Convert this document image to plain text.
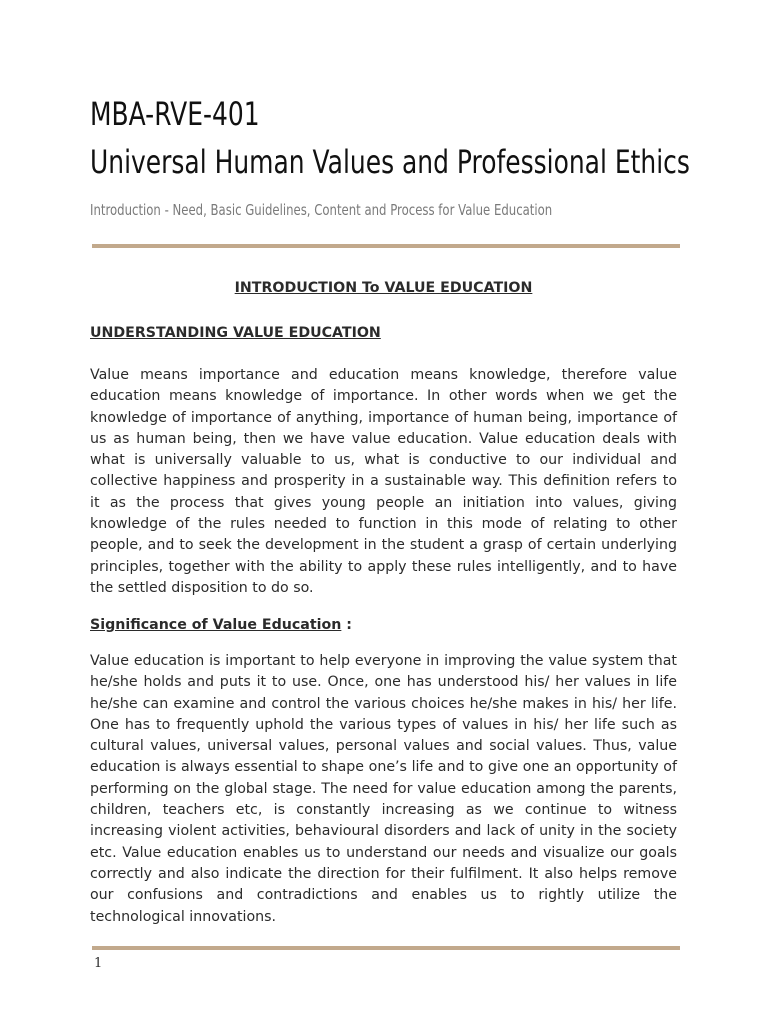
MBA-RVE-401
Universal Human Values and Professional Ethics

Introduction - Need, Basic Guidelines, Content and Process for Value Education

INTRODUCTION To VALUE EDUCATION
UNDERSTANDING VALUE EDUCATION

Value means importance and education means knowledge, therefore value education means knowledge of importance. In other words when we get the knowledge of importance of anything, importance of human being, importance of us as human being, then we have value education. Value education deals with what is universally valuable to us, what is conductive to our individual and collective happiness and prosperity in a sustainable way. This definition refers to it as the process that gives young people an initiation into values, giving knowledge of the rules needed to function in this mode of relating to other people, and to seek the development in the student a grasp of certain underlying principles, together with the ability to apply these rules intelligently, and to have the settled disposition to do so.

Significance of Value Education :

Value education is important to help everyone in improving the value system that he/she holds and puts it to use. Once, one has understood his/ her values in life he/she can examine and control the various choices he/she makes in his/ her life. One has to frequently uphold the various types of values in his/ her life such as cultural values, universal values, personal values and social values. Thus, value education is always essential to shape one’s life and to give one an opportunity of performing on the global stage. The need for value education among the parents, children, teachers etc, is constantly increasing as we continue to witness increasing violent activities, behavioural disorders and lack of unity in the society etc. Value education enables us to understand our needs and visualize our goals correctly and also indicate the direction for their fulfilment. It also helps remove our confusions and contradictions and enables us to rightly utilize the technological innovations.

1
